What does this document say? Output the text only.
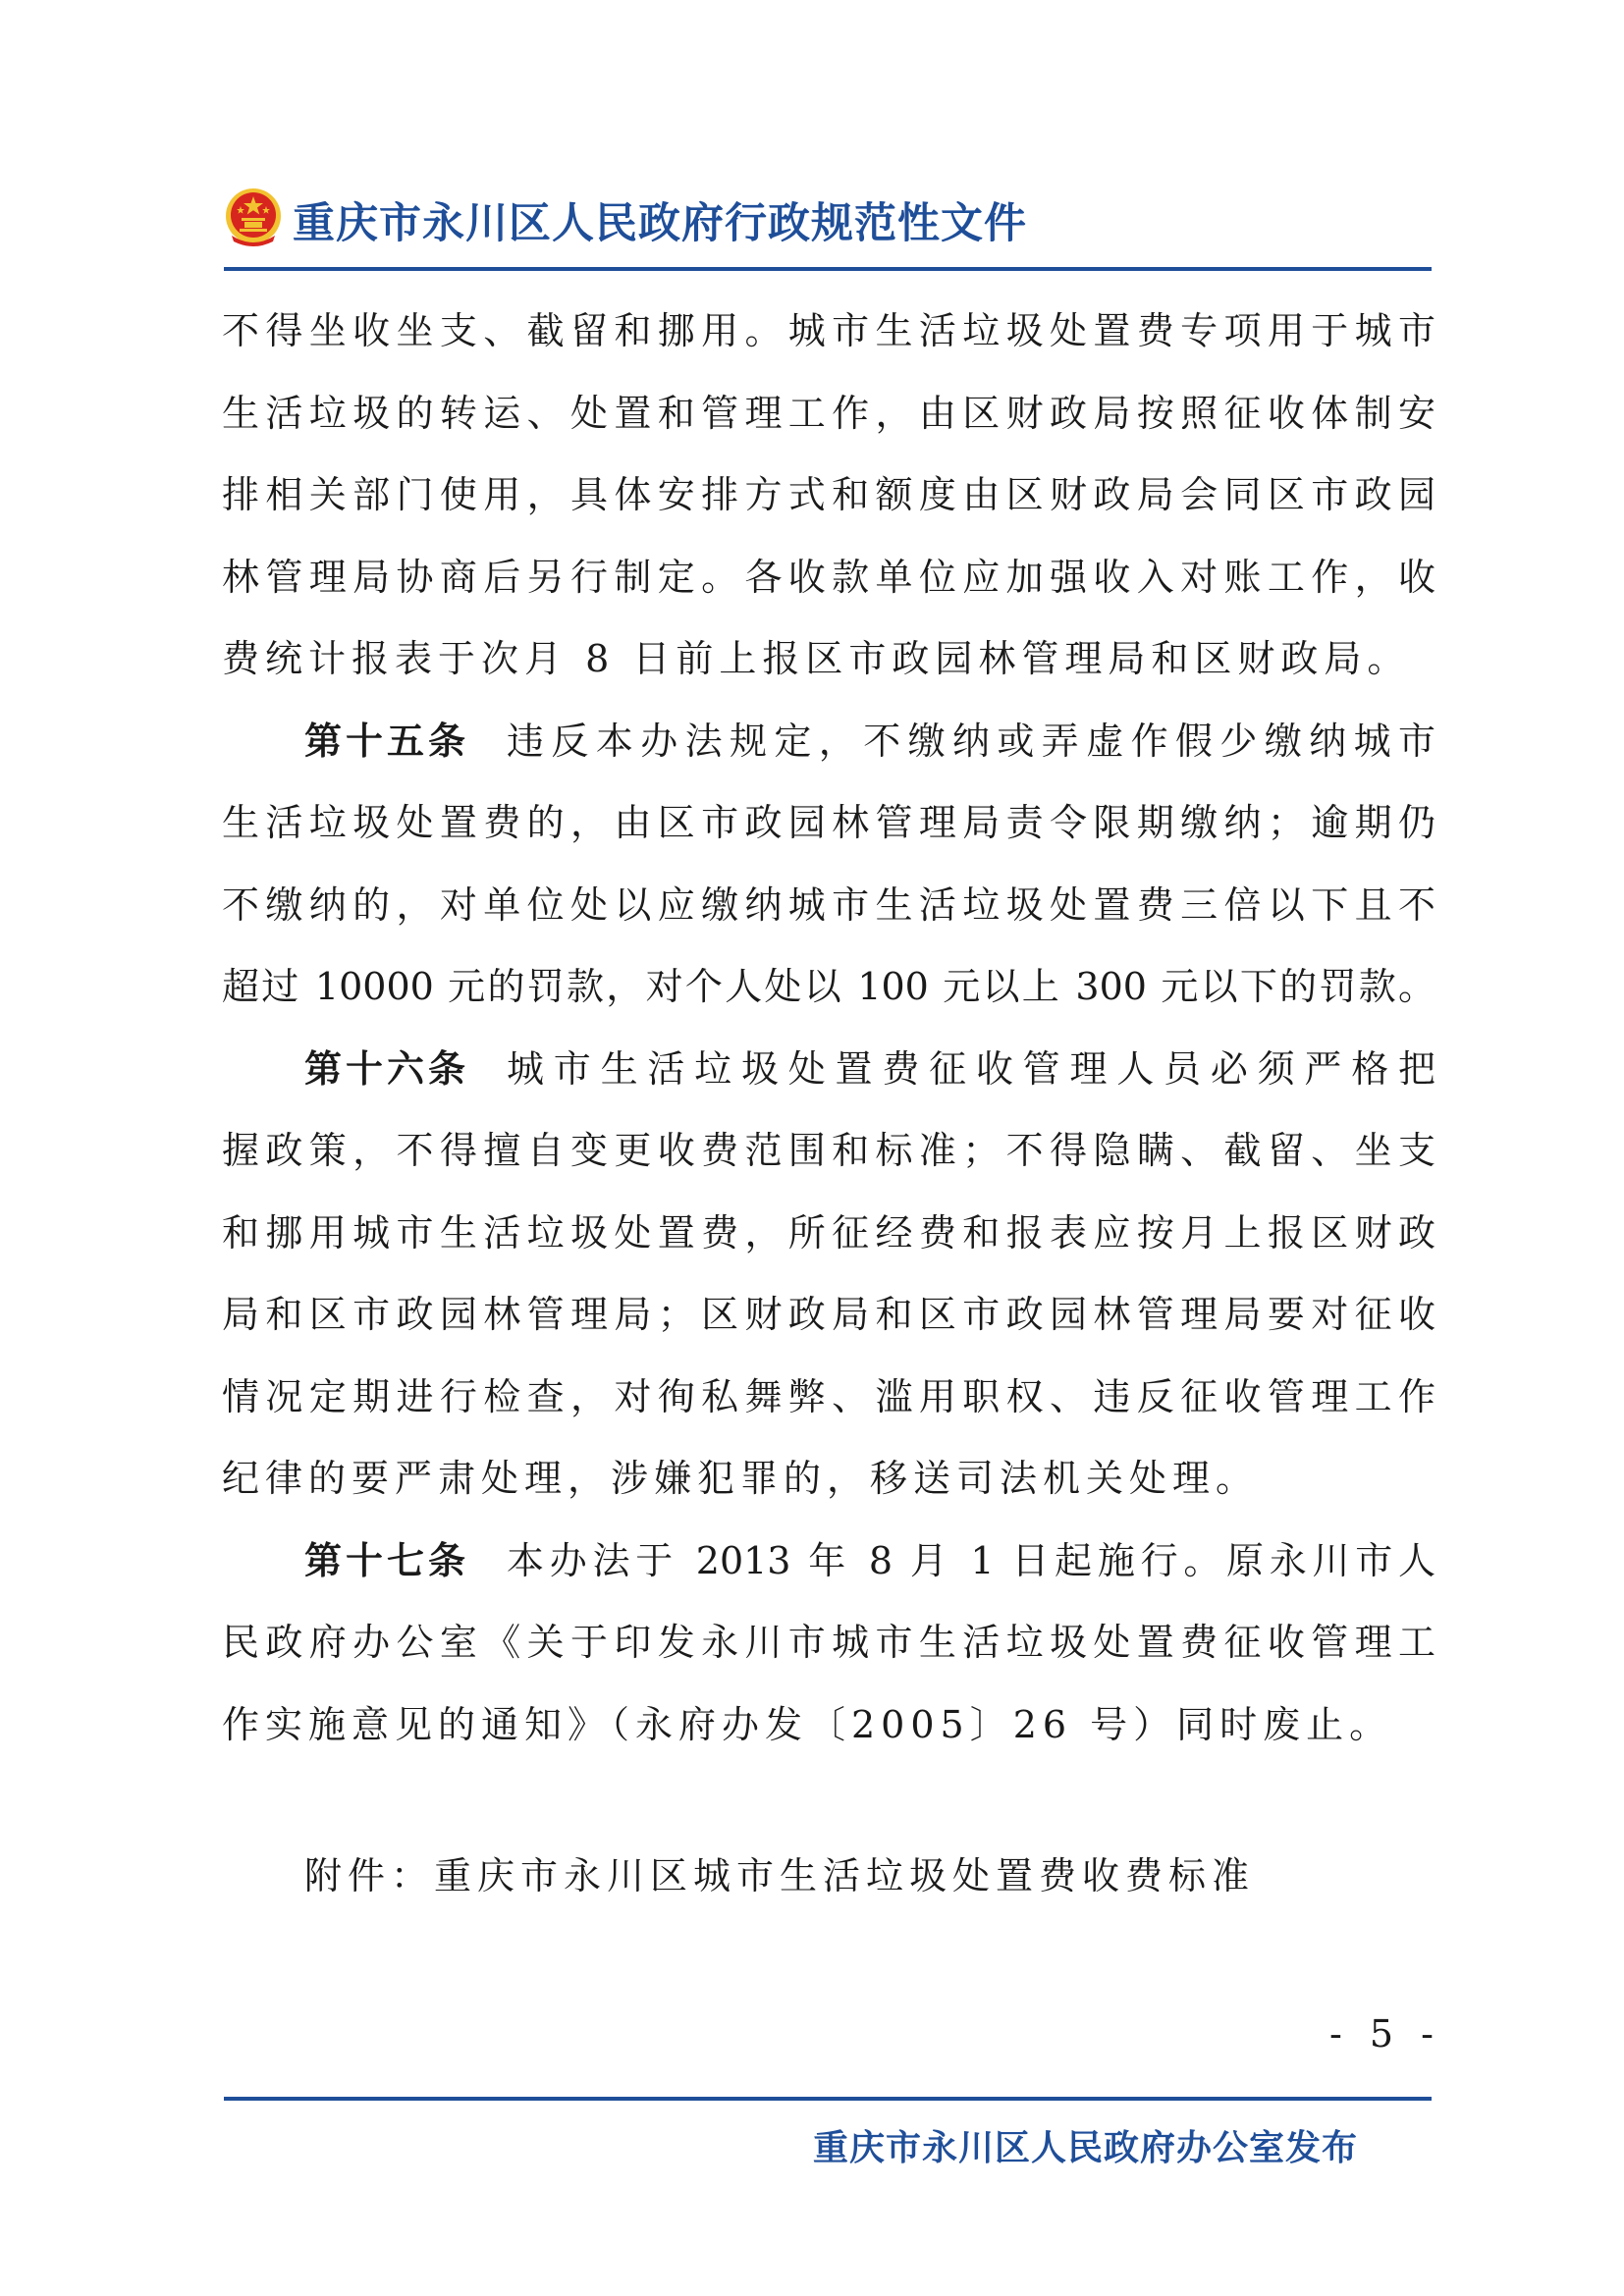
重庆市永川区人民政府行政规范性文件
不得坐收坐支、截留和挪用。城市生活垃圾处置费专项用于城市
生活垃圾的转运、处置和管理工作，由区财政局按照征收体制安
排相关部门使用，具体安排方式和额度由区财政局会同区市政园
林管理局协商后另行制定。各收款单位应加强收入对账工作，收
费统计报表于次月 8 日前上报区市政园林管理局和区财政局。
第十五条 违反本办法规定，不缴纳或弄虚作假少缴纳城市
生活垃圾处置费的，由区市政园林管理局责令限期缴纳；逾期仍
不缴纳的，对单位处以应缴纳城市生活垃圾处置费三倍以下且不
超过 10000 元的罚款，对个人处以 100 元以上 300 元以下的罚款。
第十六条 城市生活垃圾处置费征收管理人员必须严格把
握政策，不得擅自变更收费范围和标准；不得隐瞒、截留、坐支
和挪用城市生活垃圾处置费，所征经费和报表应按月上报区财政
局和区市政园林管理局；区财政局和区市政园林管理局要对征收
情况定期进行检查，对徇私舞弊、滥用职权、违反征收管理工作
纪律的要严肃处理，涉嫌犯罪的，移送司法机关处理。
第十七条 本办法于 2013 年 8 月 1 日起施行。原永川市人
民政府办公室《关于印发永川市城市生活垃圾处置费征收管理工
作实施意见的通知》（永府办发〔2005〕26 号）同时废止。
附件：重庆市永川区城市生活垃圾处置费收费标准
- 5 -
重庆市永川区人民政府办公室发布
